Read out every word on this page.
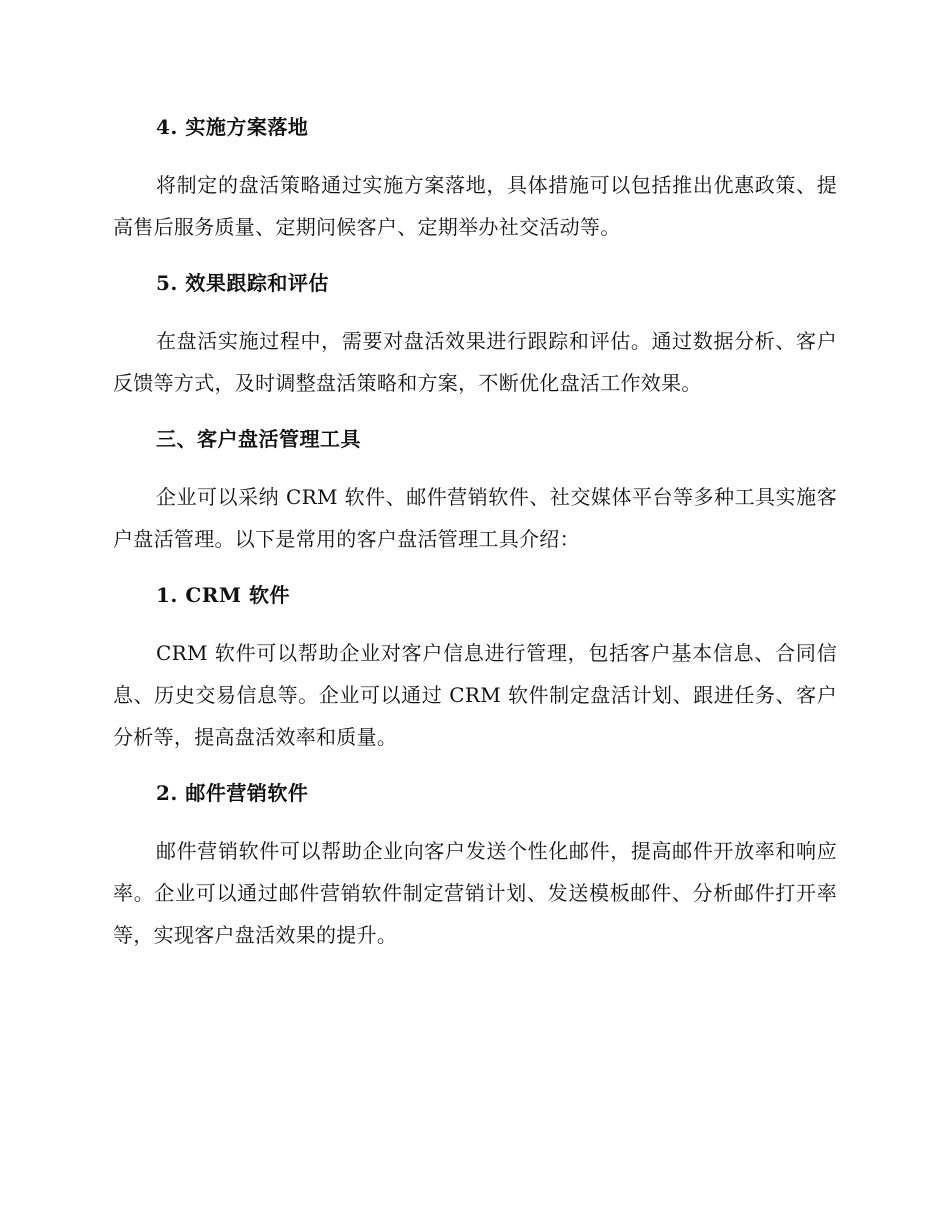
4. 实施方案落地

将制定的盘活策略通过实施方案落地，具体措施可以包括推出优惠政策、提高售后服务质量、定期问候客户、定期举办社交活动等。

5. 效果跟踪和评估

在盘活实施过程中，需要对盘活效果进行跟踪和评估。通过数据分析、客户反馈等方式，及时调整盘活策略和方案，不断优化盘活工作效果。

三、客户盘活管理工具

企业可以采纳 CRM 软件、邮件营销软件、社交媒体平台等多种工具实施客户盘活管理。以下是常用的客户盘活管理工具介绍：

1. CRM 软件

CRM 软件可以帮助企业对客户信息进行管理，包括客户基本信息、合同信息、历史交易信息等。企业可以通过 CRM 软件制定盘活计划、跟进任务、客户分析等，提高盘活效率和质量。

2. 邮件营销软件

邮件营销软件可以帮助企业向客户发送个性化邮件，提高邮件开放率和响应率。企业可以通过邮件营销软件制定营销计划、发送模板邮件、分析邮件打开率等，实现客户盘活效果的提升。
